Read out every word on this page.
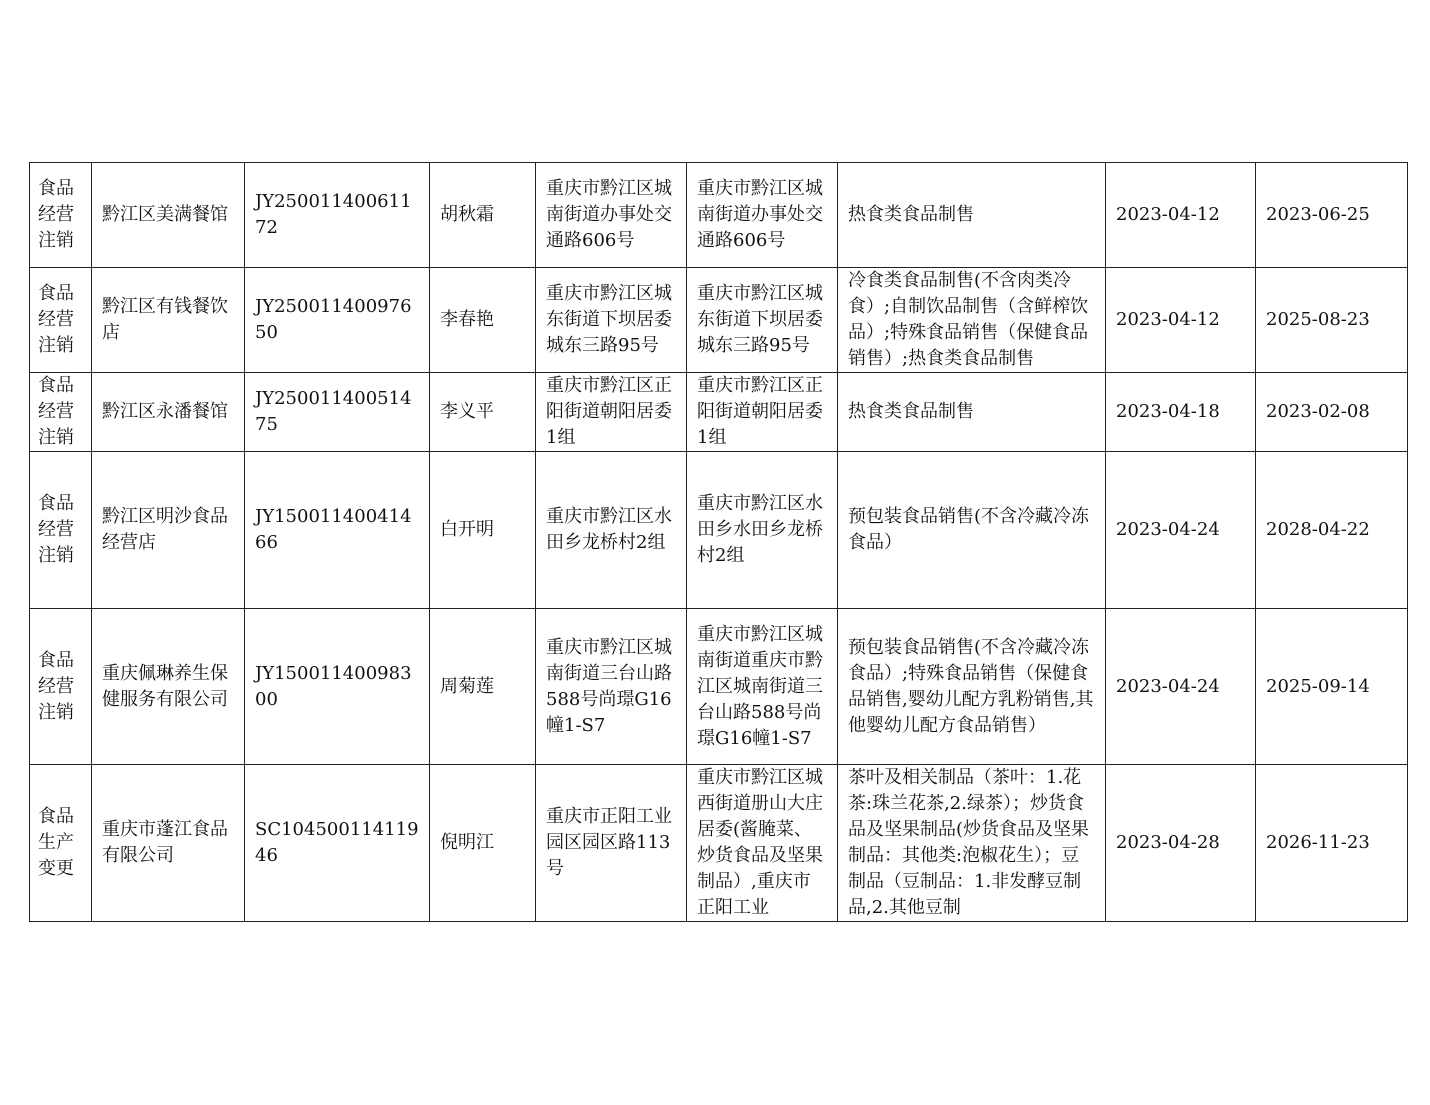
食品经营注销	黔江区美满餐馆	JY25001140061172	胡秋霜	重庆市黔江区城南街道办事处交通路606号	重庆市黔江区城南街道办事处交通路606号	热食类食品制售	2023-04-12	2023-06-25
食品经营注销	黔江区有钱餐饮店	JY25001140097650	李春艳	重庆市黔江区城东街道下坝居委城东三路95号	重庆市黔江区城东街道下坝居委城东三路95号	冷食类食品制售(不含肉类冷食）;自制饮品制售（含鲜榨饮品）;特殊食品销售（保健食品销售）;热食类食品制售	2023-04-12	2025-08-23
食品经营注销	黔江区永潘餐馆	JY25001140051475	李义平	重庆市黔江区正阳街道朝阳居委1组	重庆市黔江区正阳街道朝阳居委1组	热食类食品制售	2023-04-18	2023-02-08
食品经营注销	黔江区明沙食品经营店	JY15001140041466	白开明	重庆市黔江区水田乡龙桥村2组	重庆市黔江区水田乡水田乡龙桥村2组	预包装食品销售(不含冷藏冷冻食品）	2023-04-24	2028-04-22
食品经营注销	重庆佩琳养生保健服务有限公司	JY15001140098300	周菊莲	重庆市黔江区城南街道三台山路588号尚璟G16幢1-S7	重庆市黔江区城南街道重庆市黔江区城南街道三台山路588号尚璟G16幢1-S7	预包装食品销售(不含冷藏冷冻食品）;特殊食品销售（保健食品销售,婴幼儿配方乳粉销售,其他婴幼儿配方食品销售）	2023-04-24	2025-09-14
食品生产变更	重庆市蓬江食品有限公司	SC10450011411946	倪明江	重庆市正阳工业园区园区路113号	重庆市黔江区城西街道册山大庄居委(酱腌菜、炒货食品及坚果制品）,重庆市正阳工业	茶叶及相关制品（茶叶：1.花茶:珠兰花茶,2.绿茶）；炒货食品及坚果制品(炒货食品及坚果制品：其他类:泡椒花生）；豆制品（豆制品：1.非发酵豆制品,2.其他豆制	2023-04-28	2026-11-23
